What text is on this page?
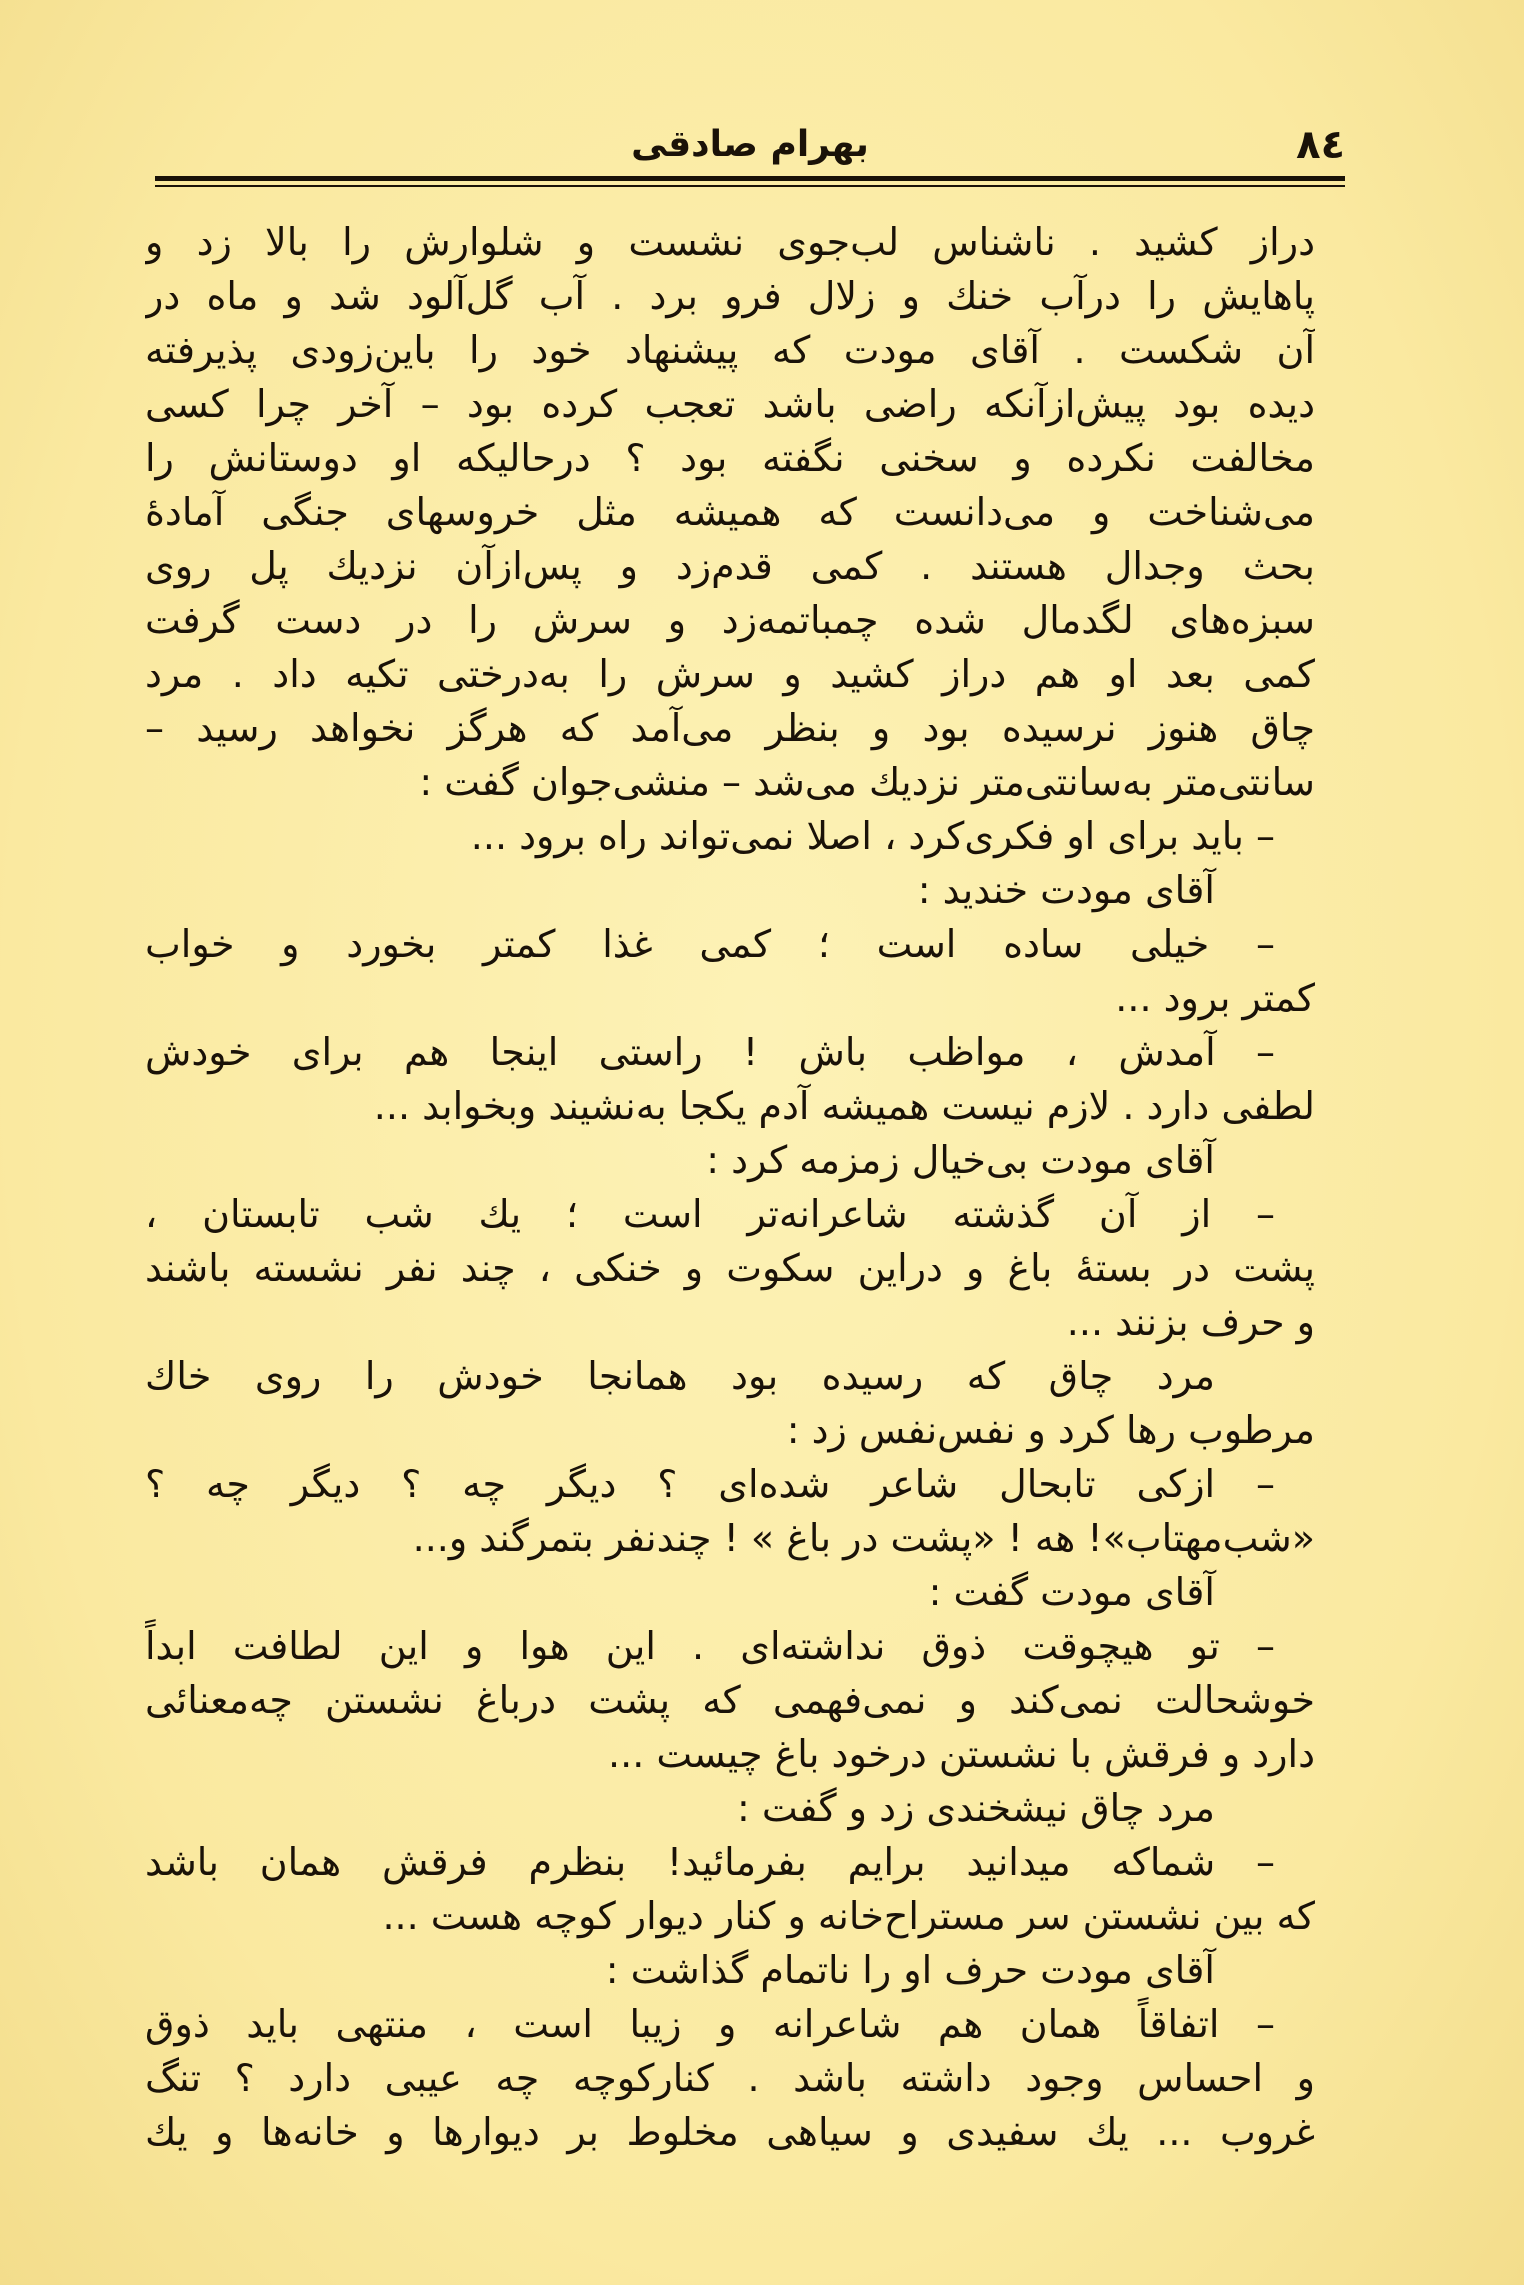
۸٤
بهرام صادقی
دراز کشید . ناشناس لب‌جوی نشست و شلوارش را بالا زد و
پاهایش را درآب خنك و زلال فرو برد . آب گل‌آلود شد و ماه در
آن شکست . آقای مودت که پیشنهاد خود را باین‌زودی پذیرفته
دیده بود پیش‌ازآنکه راضی باشد تعجب کرده بود – آخر چرا کسی
مخالفت نکرده و سخنی نگفته بود ؟ درحالیکه او دوستانش را
می‌شناخت و می‌دانست که همیشه مثل خروسهای جنگی آمادهٔ
بحث وجدال هستند . کمی قدم‌زد و پس‌ازآن نزدیك پل روی
سبزه‌های لگدمال شده چمباتمه‌زد و سرش را در دست گرفت
کمی بعد او هم دراز کشید و سرش را به‌درختی تکیه داد . مرد
چاق هنوز نرسیده بود و بنظر می‌آمد که هرگز نخواهد رسید –
سانتی‌متر به‌سانتی‌متر نزدیك می‌شد – منشی‌جوان گفت :
– باید برای او فکری‌کرد ، اصلا نمی‌تواند راه برود ...
آقای مودت خندید :
– خیلی ساده است ؛ کمی غذا کمتر بخورد و خواب
کمتر برود ...
– آمدش ، مواظب باش ! راستی اینجا هم برای خودش
لطفی دارد . لازم نیست همیشه آدم یکجا به‌نشیند وبخوابد ...
آقای مودت بی‌خیال زمزمه کرد :
– از آن گذشته شاعرانه‌تر است ؛ یك شب تابستان ،
پشت در بستهٔ باغ و دراین سکوت و خنکی ، چند نفر نشسته باشند
و حرف بزنند ...
مرد چاق که رسیده بود همانجا خودش را روی خاك
مرطوب رها کرد و نفس‌نفس زد :
– ازکی تابحال شاعر شده‌ای ؟ دیگر چه ؟ دیگر چه ؟
«شب‌مهتاب»! هه ! «پشت در باغ » ! چندنفر بتمرگند و...
آقای مودت گفت :
– تو هیچوقت ذوق نداشته‌ای . این هوا و این لطافت ابداً
خوشحالت نمی‌کند و نمی‌فهمی که پشت درباغ نشستن چه‌معنائی
دارد و فرقش با نشستن درخود باغ چیست ...
مرد چاق نیشخندی زد و گفت :
– شماکه میدانید برایم بفرمائید! بنظرم فرقش همان باشد
که بین نشستن سر مستراح‌خانه و کنار دیوار کوچه هست ...
آقای مودت حرف او را ناتمام گذاشت :
– اتفاقاً همان هم شاعرانه و زیبا است ، منتهی باید ذوق
و احساس وجود داشته باشد . کنارکوچه چه عیبی دارد ؟ تنگ
غروب ... یك سفیدی و سیاهی مخلوط بر دیوارها و خانه‌ها و یك
